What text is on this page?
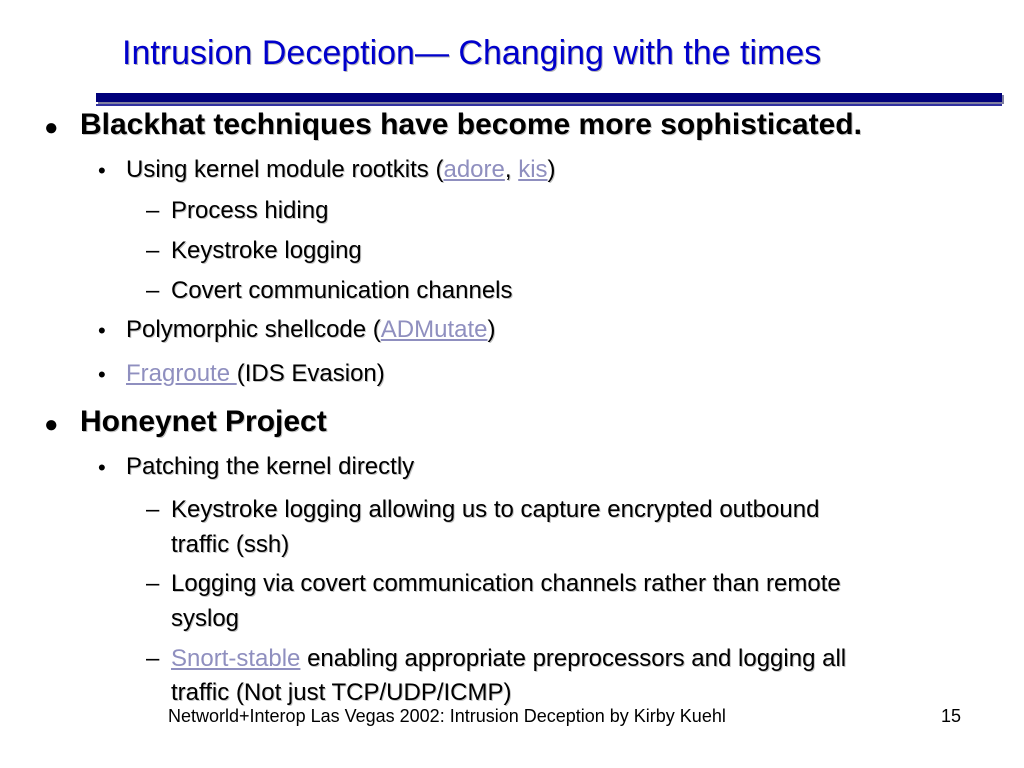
Intrusion Deception— Changing with the times
● Blackhat techniques have become more sophisticated.
• Using kernel module rootkits (adore, kis)
– Process hiding
– Keystroke logging
– Covert communication channels
• Polymorphic shellcode (ADMutate)
• Fragroute (IDS Evasion)
● Honeynet Project
• Patching the kernel directly
– Keystroke logging allowing us to capture encrypted outbound
traffic (ssh)
– Logging via covert communication channels rather than remote
syslog
– Snort-stable enabling appropriate preprocessors and logging all
traffic (Not just TCP/UDP/ICMP)
Networld+Interop Las Vegas 2002: Intrusion Deception by Kirby Kuehl	15
